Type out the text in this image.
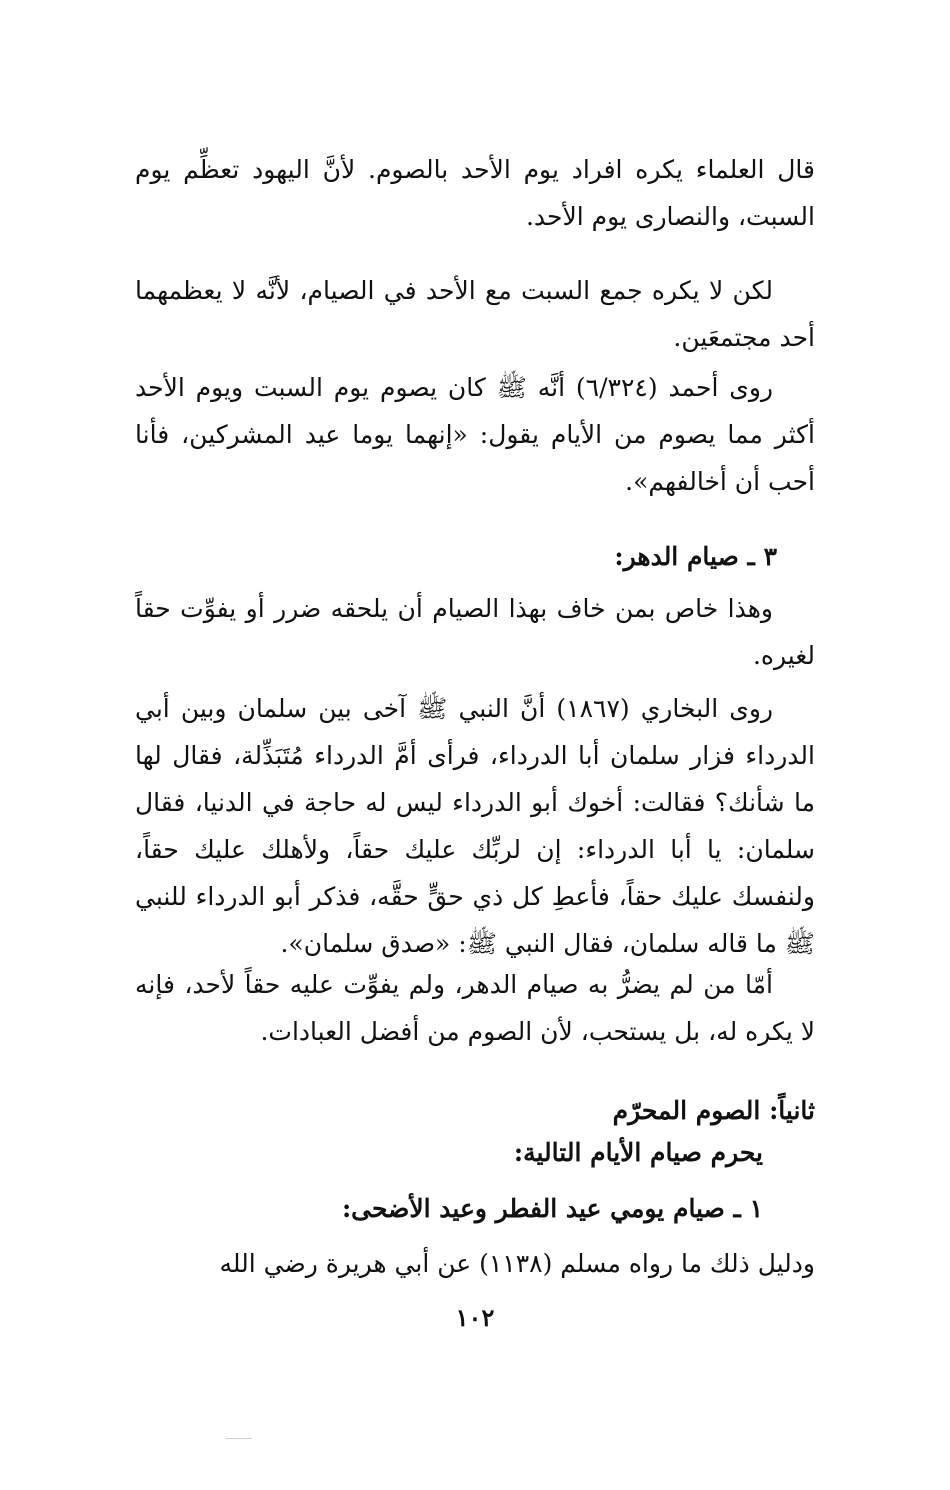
قال العلماء يكره افراد يوم الأحد بالصوم. لأنَّ اليهود تعظِّم يوم السبت، والنصارى يوم الأحد.

لكن لا يكره جمع السبت مع الأحد في الصيام، لأنَّه لا يعظمهما أحد مجتمعَين.

روى أحمد (٦/٣٢٤) أنَّه ﷺ كان يصوم يوم السبت ويوم الأحد أكثر مما يصوم من الأيام يقول: «إنهما يوما عيد المشركين، فأنا أحب أن أخالفهم».

٣ ـ صيام الدهر:

وهذا خاص بمن خاف بهذا الصيام أن يلحقه ضرر أو يفوِّت حقاً لغيره.

روى البخاري (١٨٦٧) أنَّ النبي ﷺ آخى بين سلمان وبين أبي الدرداء فزار سلمان أبا الدرداء، فرأى أمَّ الدرداء مُتَبَذِّلة، فقال لها ما شأنك؟ فقالت: أخوك أبو الدرداء ليس له حاجة في الدنيا، فقال سلمان: يا أبا الدرداء: إن لربِّك عليك حقاً، ولأهلك عليك حقاً، ولنفسك عليك حقاً، فأعطِ كل ذي حقٍّ حقَّه، فذكر أبو الدرداء للنبي ﷺ ما قاله سلمان، فقال النبي ﷺ: «صدق سلمان».

أمّا من لم يضرُّ به صيام الدهر، ولم يفوِّت عليه حقاً لأحد، فإنه لا يكره له، بل يستحب، لأن الصوم من أفضل العبادات.

ثانياً: الصوم المحرّم
يحرم صيام الأيام التالية:
١ ـ صيام يومي عيد الفطر وعيد الأضحى:

ودليل ذلك ما رواه مسلم (١١٣٨) عن أبي هريرة رضي الله

١٠٢
